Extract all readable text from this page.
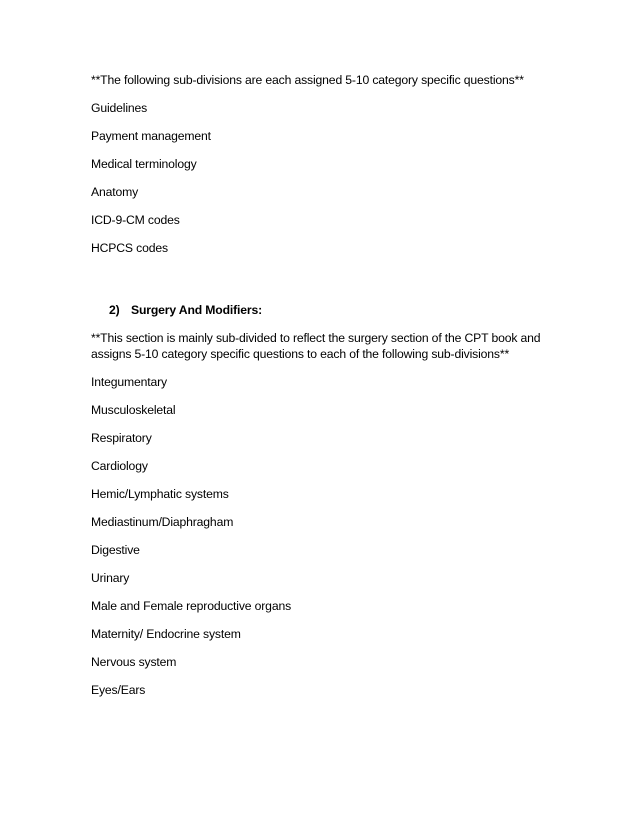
**The following sub-divisions are each assigned 5-10 category specific questions**
Guidelines
Payment management
Medical terminology
Anatomy
ICD-9-CM codes
HCPCS codes
2) Surgery And Modifiers:
**This section is mainly sub-divided to reflect the surgery section of the CPT book and
assigns 5-10 category specific questions to each of the following sub-divisions**
Integumentary
Musculoskeletal
Respiratory
Cardiology
Hemic/Lymphatic systems
Mediastinum/Diaphragham
Digestive
Urinary
Male and Female reproductive organs
Maternity/ Endocrine system
Nervous system
Eyes/Ears
